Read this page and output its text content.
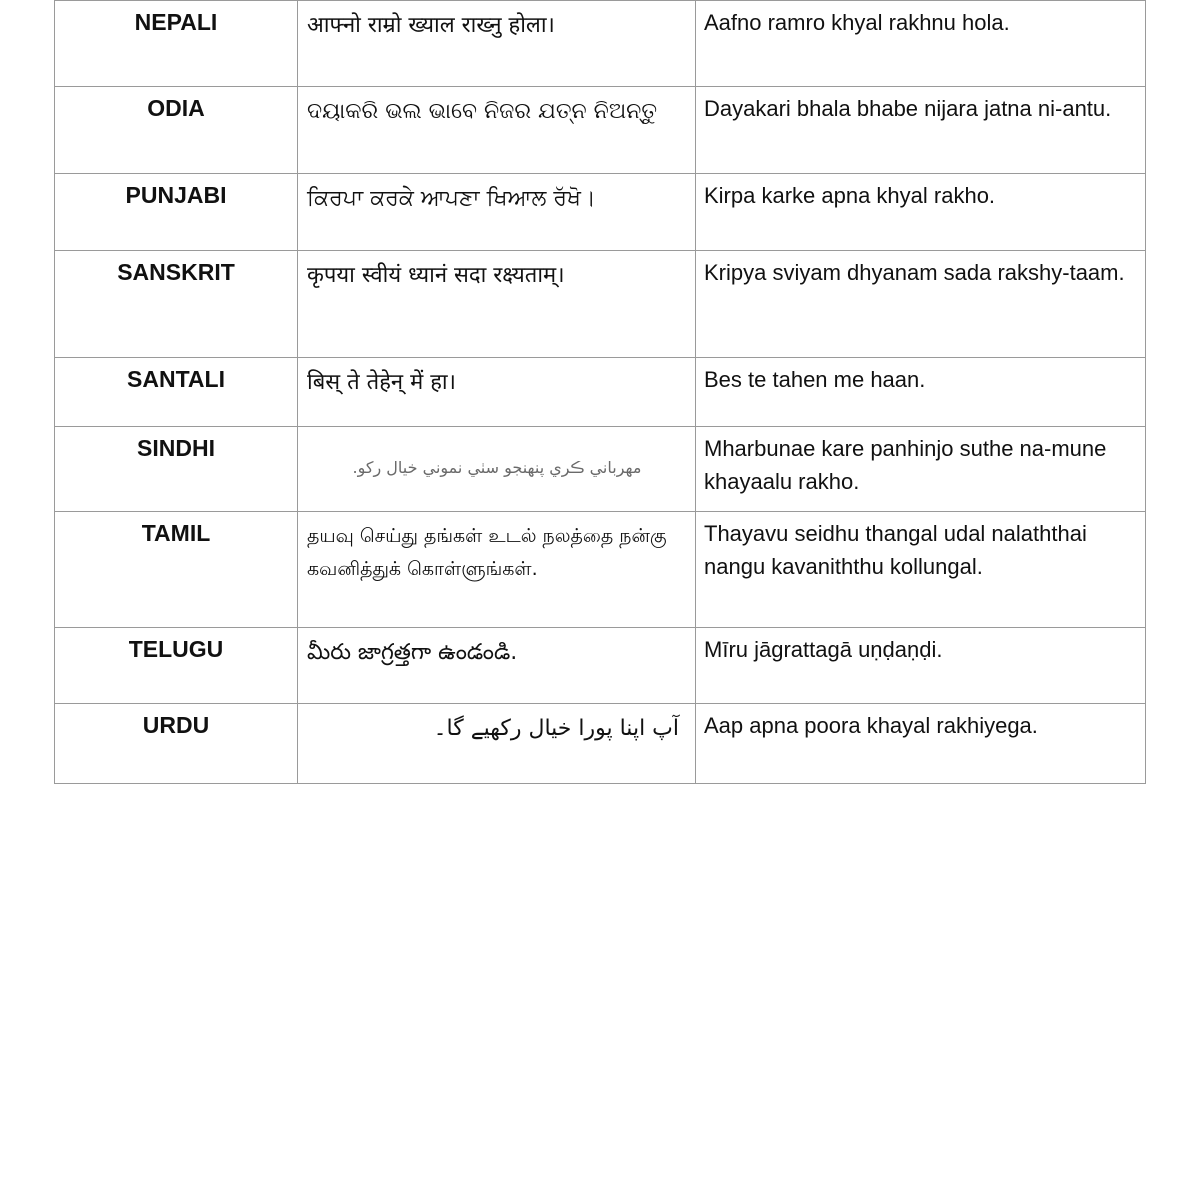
NEPALI	आफ्नो राम्रो ख्याल राख्नु होला।	Aafno ramro khyal rakhnu hola.
ODIA	ଦୟାକରି ଭଲ ଭାବେ ନିଜର ଯତ୍ନ ନିଅନ୍ତୁ	Dayakari bhala bhabe nijara jatna ni-antu.
PUNJABI	ਕਿਰਪਾ ਕਰਕੇ ਆਪਣਾ ਖਿਆਲ ਰੱਖੋ।	Kirpa karke apna khyal rakho.
SANSKRIT	कृपया स्वीयं ध्यानं सदा रक्ष्यताम्।	Kripya sviyam dhyanam sada rakshy-taam.
SANTALI	बिस् ते तेहेन् में हा।	Bes te tahen me haan.
SINDHI	مهرباني ڪري پنهنجو سٺي نموني خيال رکو.	Mharbunae kare panhinjo suthe na-mune khayaalu rakho.
TAMIL	தயவு செய்து தங்கள் உடல் நலத்தை நன்கு கவனித்துக் கொள்ளுங்கள்.	Thayavu seidhu thangal udal nalaththai nangu kavaniththu kollungal.
TELUGU	మీరు జాగ్రత్తగా ఉండండి.	Mīru jāgrattagā uṇḍaṇḍi.
URDU	آپ اپنا پورا خیال رکھیے گا۔	Aap apna poora khayal rakhiyega.
